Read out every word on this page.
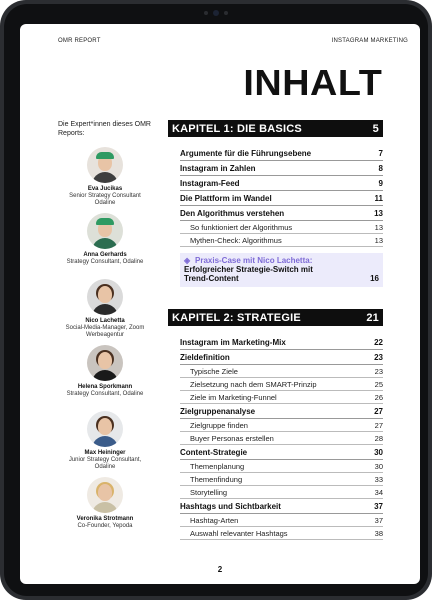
OMR REPORT	INSTAGRAM MARKETING
INHALT
Die Expert*innen dieses OMR Reports:
Eva Jucikas
Senior Strategy Consultant Odaline
Anna Gerhards
Strategy Consultant, Odaline
Nico Lachetta
Social-Media-Manager, Zoom Werbeagentur
Helena Sporkmann
Strategy Consultant, Odaline
Max Heininger
Junior Strategy Consultant, Odaline
Veronika Strotmann
Co-Founder, Yepoda
KAPITEL 1: DIE BASICS	5
Argumente für die Führungsebene	7
Instagram in Zahlen	8
Instagram-Feed	9
Die Plattform im Wandel	11
Den Algorithmus verstehen	13
So funktioniert der Algorithmus	13
Mythen-Check: Algorithmus	13
◈ Praxis-Case mit Nico Lachetta:
Erfolgreicher Strategie-Switch mit
Trend-Content	16
KAPITEL 2: STRATEGIE	21
Instagram im Marketing-Mix	22
Zieldefinition	23
Typische Ziele	23
Zielsetzung nach dem SMART-Prinzip	25
Ziele im Marketing-Funnel	26
Zielgruppenanalyse	27
Zielgruppe finden	27
Buyer Personas erstellen	28
Content-Strategie	30
Themenplanung	30
Themenfindung	33
Storytelling	34
Hashtags und Sichtbarkeit	37
Hashtag-Arten	37
Auswahl relevanter Hashtags	38
2
